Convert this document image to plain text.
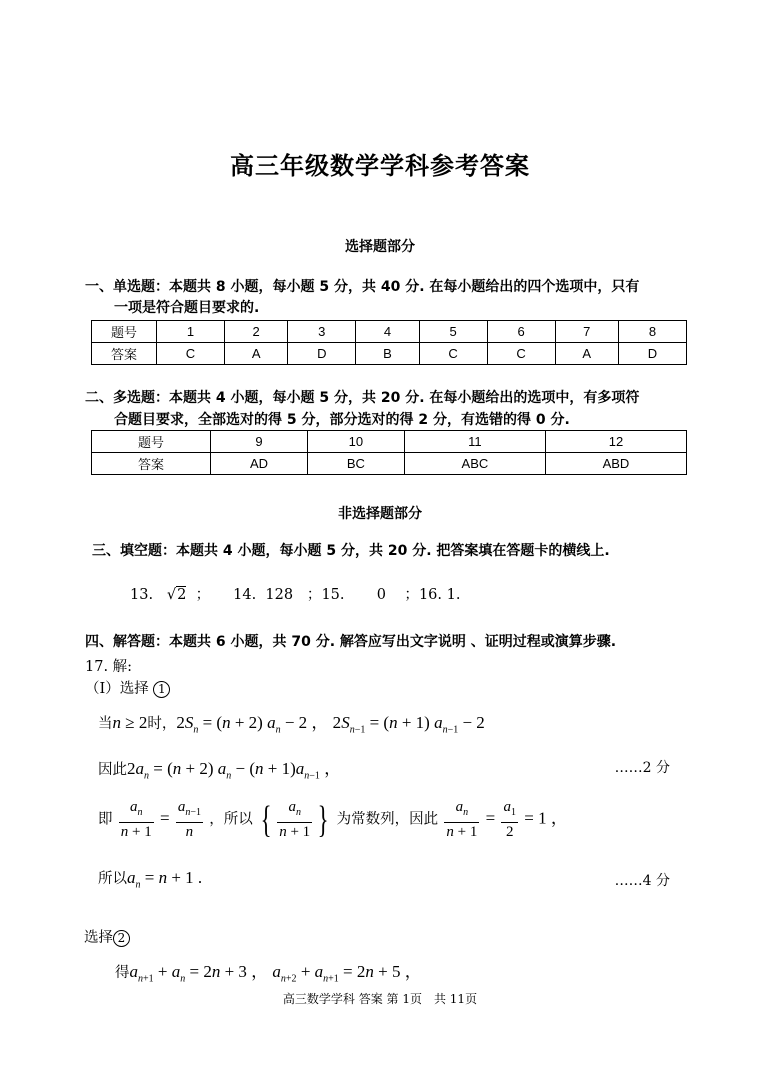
高三年级数学学科参考答案
选择题部分
一、单选题：本题共 8 小题，每小题 5 分，共 40 分. 在每小题给出的四个选项中，只有
一项是符合题目要求的.
题号	1	2	3	4	5	6	7	8
答案	C	A	D	B	C	C	A	D
二、多选题：本题共 4 小题，每小题 5 分，共 20 分. 在每小题给出的选项中，有多项符
合题目要求，全部选对的得 5 分，部分选对的得 2 分，有选错的得 0 分.
题号	9	10	11	12
答案	AD	BC	ABC	ABD
非选择题部分
三、填空题：本题共 4 小题，每小题 5 分，共 20 分. 把答案填在答题卡的横线上.
13. √2  ；     14. 128   ；15. 0    ；16. 1.
四、解答题：本题共 6 小题，共 70 分. 解答应写出文字说明 、证明过程或演算步骤.
17. 解:
（I）选择 1
当n ≥ 2时，$2S_n = (n + 2) a_n - 2$ ， $2S_{n-1} = (n + 1) a_{n-1} - 2$
因此$2a_n = (n + 2) a_n - (n + 1)a_{n-1}$ ，	……2 分
即 $\frac{a_n}{n + 1} = \frac{a_{n-1}}{n}$ ，所以 { $\frac{a_n}{n + 1}$ } 为常数列，因此 $\frac{a_n}{n + 1} = \frac{a_1}{2} = 1$ ，
所以$a_n = n + 1$ .	……4 分
选择 2
得$a_{n+1} + a_n = 2n + 3$ ， $a_{n+2} + a_{n+1} = 2n + 5$ ，
高三数学学科 答案 第 1页　共 11页
